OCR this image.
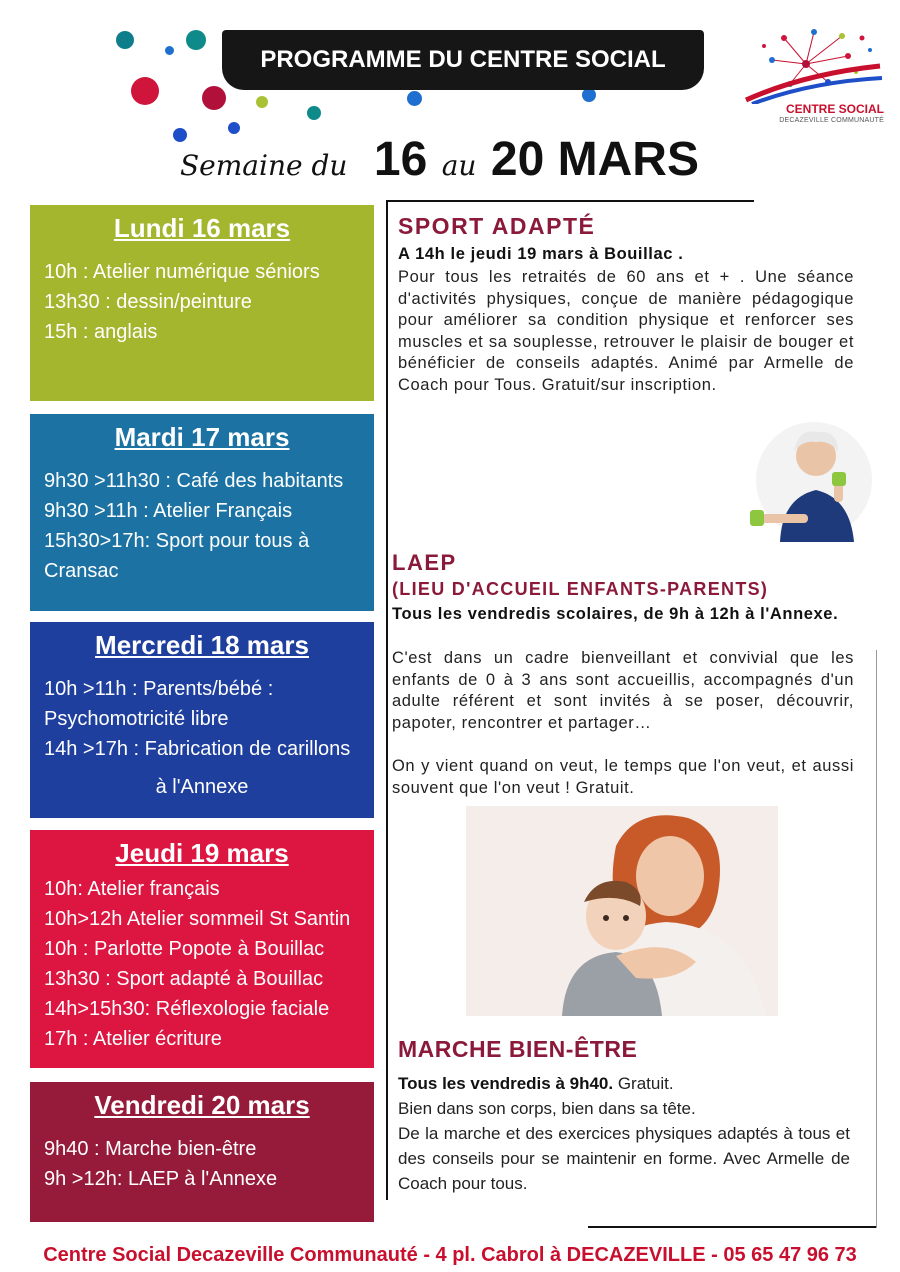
PROGRAMME DU CENTRE SOCIAL
CENTRE SOCIAL
DECAZEVILLE COMMUNAUTÉ
Semaine du 16 au 20 MARS
Lundi 16 mars
10h : Atelier numérique séniors
13h30 : dessin/peinture
15h : anglais
Mardi 17 mars
9h30 >11h30 : Café des habitants
9h30 >11h : Atelier Français
15h30>17h: Sport pour tous à Cransac
Mercredi 18 mars
10h >11h : Parents/bébé :
Psychomotricité libre
14h >17h : Fabrication de carillons
à l'Annexe
Jeudi 19 mars
10h: Atelier français
10h>12h Atelier sommeil St Santin
10h : Parlotte Popote à Bouillac
13h30 : Sport adapté à Bouillac
14h>15h30: Réflexologie faciale
17h : Atelier écriture
Vendredi 20 mars
9h40 : Marche bien-être
9h >12h: LAEP à l'Annexe
SPORT ADAPTÉ
A 14h le jeudi 19 mars à Bouillac .
Pour tous les retraités de 60 ans et + . Une séance d'activités physiques, conçue de manière pédagogique pour améliorer sa condition physique et renforcer ses muscles et sa souplesse, retrouver le plaisir de bouger et bénéficier de conseils adaptés. Animé par Armelle de Coach pour Tous. Gratuit/sur inscription.
LAEP
(LIEU D'ACCUEIL ENFANTS-PARENTS)
Tous les vendredis scolaires, de 9h à 12h à l'Annexe.
C'est dans un cadre bienveillant et convivial que les enfants de 0 à 3 ans sont accueillis, accompagnés d'un adulte référent et sont invités à se poser, découvrir, papoter, rencontrer et partager…
On y vient quand on veut, le temps que l'on veut, et aussi souvent que l'on veut ! Gratuit.
MARCHE BIEN-ÊTRE
Tous les vendredis à 9h40. Gratuit.
Bien dans son corps, bien dans sa tête.
De la marche et des exercices physiques adaptés à tous et des conseils pour se maintenir en forme. Avec Armelle de Coach pour tous.
Centre Social Decazeville Communauté - 4 pl. Cabrol à DECAZEVILLE - 05 65 47 96 73
